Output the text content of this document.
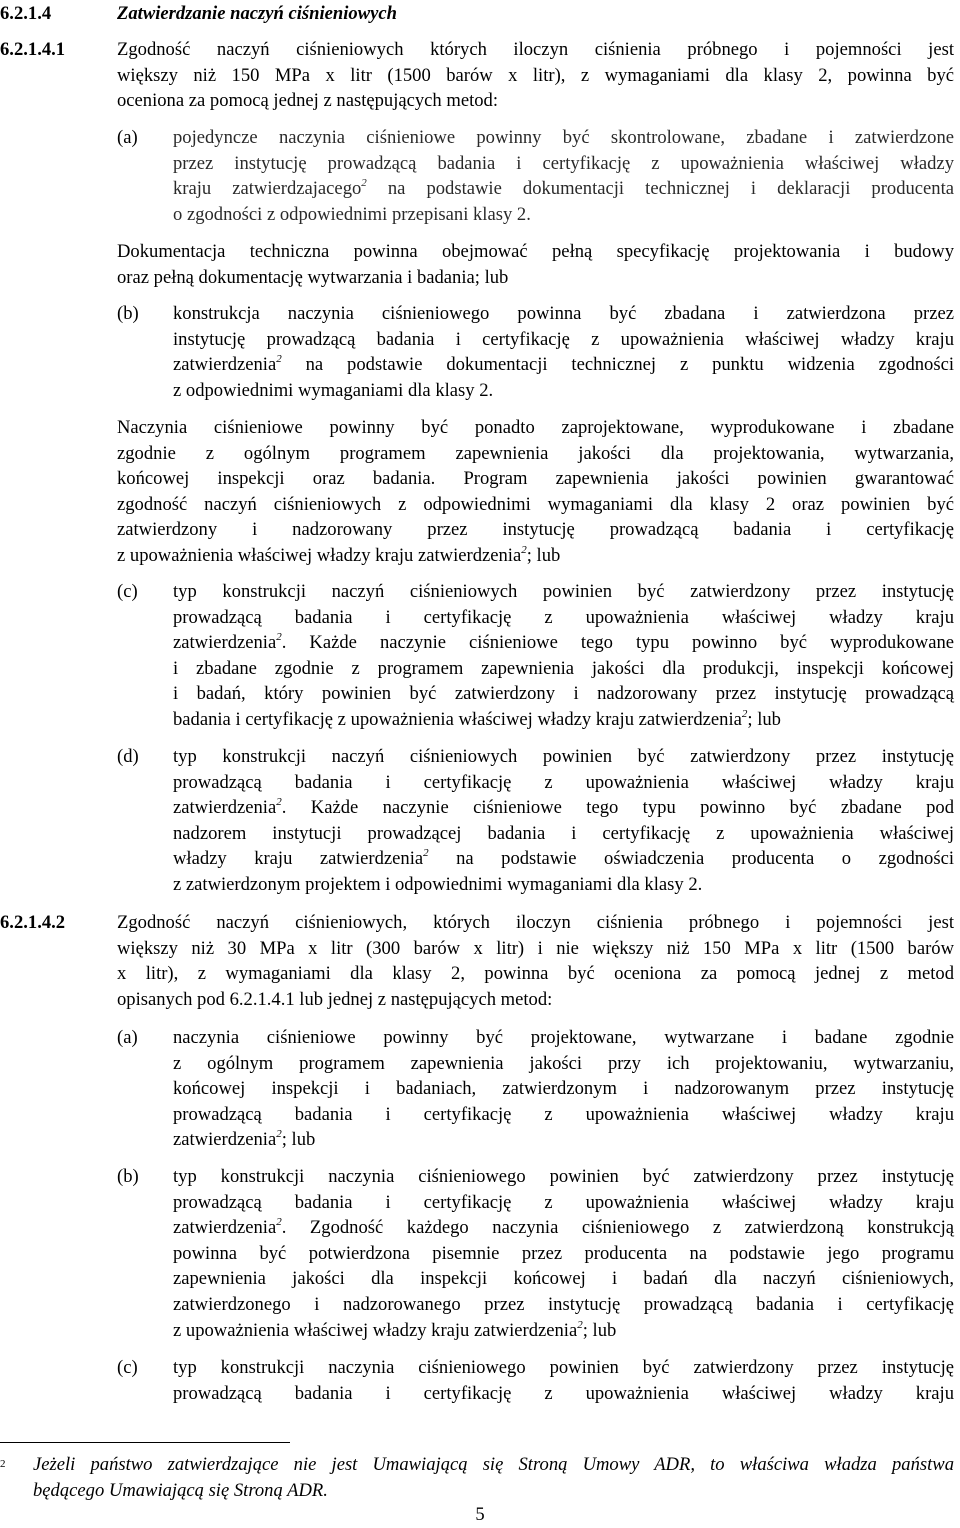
6.2.1.4	Zatwierdzanie naczyń ciśnieniowych
6.2.1.4.1	Zgodność naczyń ciśnieniowych których iloczyn ciśnienia próbnego i pojemności jest
większy niż 150 MPa x litr (1500 barów x litr), z wymaganiami dla klasy 2, powinna być
oceniona za pomocą jednej z następujących metod:
(a) pojedyncze naczynia ciśnieniowe powinny być skontrolowane, zbadane i zatwierdzone
przez instytucję prowadzącą badania i certyfikację z upoważnienia właściwej władzy
kraju zatwierdzajacego$^2$ na podstawie dokumentacji technicznej i deklaracji producenta
o zgodności z odpowiednimi przepisani klasy 2.
Dokumentacja techniczna powinna obejmować pełną specyfikację projektowania i budowy
oraz pełną dokumentację wytwarzania i badania; lub
(b) konstrukcja naczynia ciśnieniowego powinna być zbadana i zatwierdzona przez
instytucję prowadzącą badania i certyfikację z upoważnienia właściwej władzy kraju
zatwierdzenia$^2$ na podstawie dokumentacji technicznej z punktu widzenia zgodności
z odpowiednimi wymaganiami dla klasy 2.
Naczynia ciśnieniowe powinny być ponadto zaprojektowane, wyprodukowane i zbadane
zgodnie z ogólnym programem zapewnienia jakości dla projektowania, wytwarzania,
końcowej inspekcji oraz badania. Program zapewnienia jakości powinien gwarantować
zgodność naczyń ciśnieniowych z odpowiednimi wymaganiami dla klasy 2 oraz powinien być
zatwierdzony i nadzorowany przez instytucję prowadzącą badania i certyfikację
z upoważnienia właściwej władzy kraju zatwierdzenia$^2$; lub
(c) typ konstrukcji naczyń ciśnieniowych powinien być zatwierdzony przez instytucję
prowadzącą badania i certyfikację z upoważnienia właściwej władzy kraju
zatwierdzenia$^2$. Każde naczynie ciśnieniowe tego typu powinno być wyprodukowane
i zbadane zgodnie z programem zapewnienia jakości dla produkcji, inspekcji końcowej
i badań, który powinien być zatwierdzony i nadzorowany przez instytucję prowadzącą
badania i certyfikację z upoważnienia właściwej władzy kraju zatwierdzenia$^2$; lub
(d) typ konstrukcji naczyń ciśnieniowych powinien być zatwierdzony przez instytucję
prowadzącą badania i certyfikację z upoważnienia właściwej władzy kraju
zatwierdzenia$^2$. Każde naczynie ciśnieniowe tego typu powinno być zbadane pod
nadzorem instytucji prowadzącej badania i certyfikację z upoważnienia właściwej
władzy kraju zatwierdzenia$^2$ na podstawie oświadczenia producenta o zgodności
z zatwierdzonym projektem i odpowiednimi wymaganiami dla klasy 2.
6.2.1.4.2	Zgodność naczyń ciśnieniowych, których iloczyn ciśnienia próbnego i pojemności jest
większy niż 30 MPa x litr (300 barów x litr) i nie większy niż 150 MPa x litr (1500 barów
x litr), z wymaganiami dla klasy 2, powinna być oceniona za pomocą jednej z metod
opisanych pod 6.2.1.4.1 lub jednej z następujących metod:
(a) naczynia ciśnieniowe powinny być projektowane, wytwarzane i badane zgodnie
z ogólnym programem zapewnienia jakości przy ich projektowaniu, wytwarzaniu,
końcowej inspekcji i badaniach, zatwierdzonym i nadzorowanym przez instytucję
prowadzącą badania i certyfikację z upoważnienia właściwej władzy kraju
zatwierdzenia$^2$; lub
(b) typ konstrukcji naczynia ciśnieniowego powinien być zatwierdzony przez instytucję
prowadzącą badania i certyfikację z upoważnienia właściwej władzy kraju
zatwierdzenia$^2$. Zgodność każdego naczynia ciśnieniowego z zatwierdzoną konstrukcją
powinna być potwierdzona pisemnie przez producenta na podstawie jego programu
zapewnienia jakości dla inspekcji końcowej i badań dla naczyń ciśnieniowych,
zatwierdzonego i nadzorowanego przez instytucję prowadzącą badania i certyfikację
z upoważnienia właściwej władzy kraju zatwierdzenia$^2$; lub
(c) typ konstrukcji naczynia ciśnieniowego powinien być zatwierdzony przez instytucję
prowadzącą badania i certyfikację z upoważnienia właściwej władzy kraju
2 Jeżeli państwo zatwierdzające nie jest Umawiającą się Stroną Umowy ADR, to właściwa władza państwa
będącego Umawiającą się Stroną ADR.
5
